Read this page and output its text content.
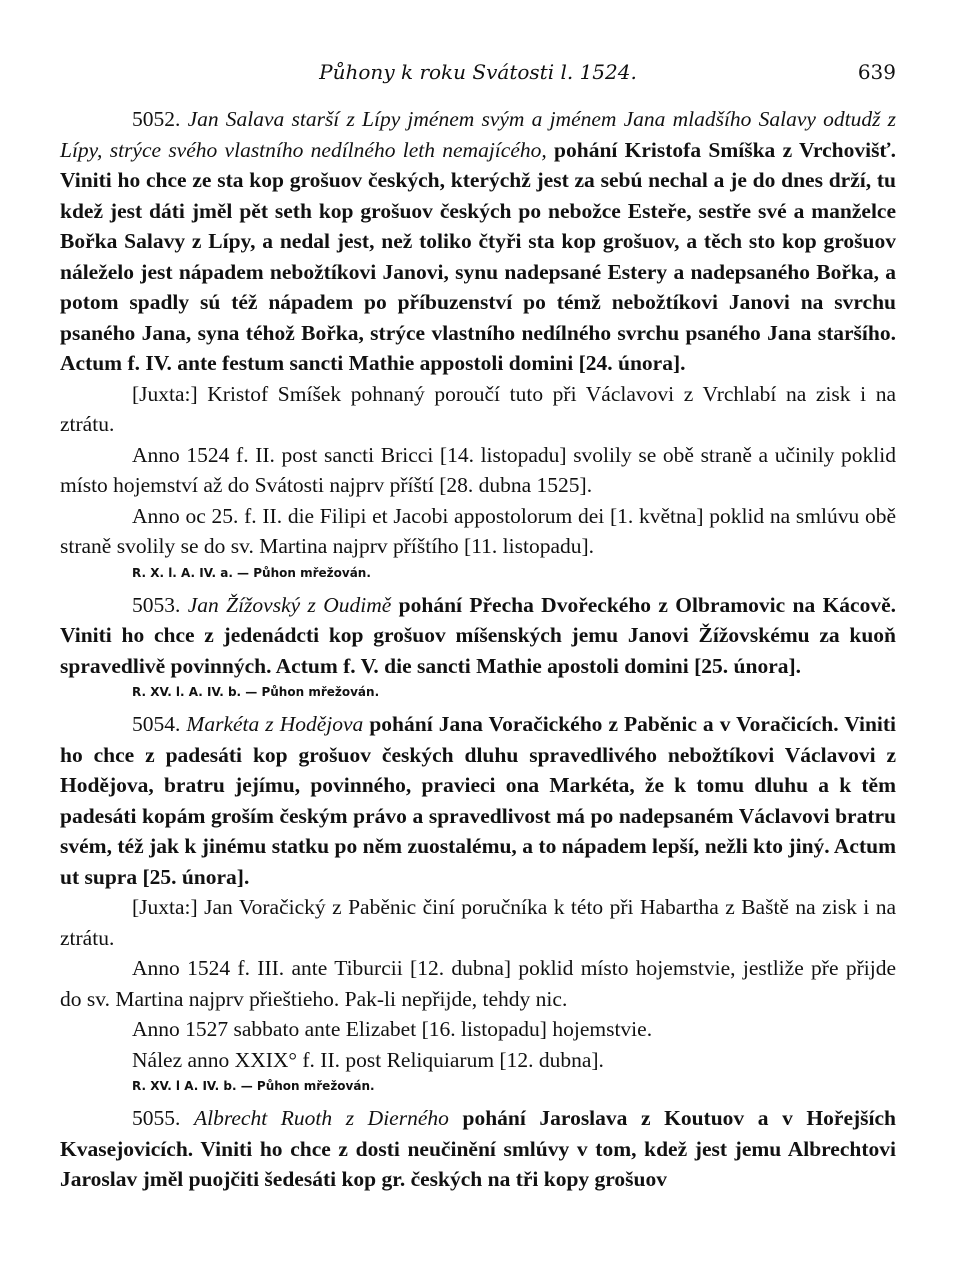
Půhony k roku Svátosti l. 1524.	639

5052. Jan Salava starší z Lípy jménem svým a jménem Jana mladšího Salavy odtudž z Lípy, strýce svého vlastního nedílného leth nemajícého, pohání Kristofa Smíška z Vrchovišť. Viniti ho chce ze sta kop grošuov českých, kterýchž jest za sebú nechal a je do dnes drží, tu kdež jest dáti jměl pět seth kop grošuov českých po nebožce Esteře, sestře své a manželce Bořka Salavy z Lípy, a nedal jest, než toliko čtyři sta kop grošuov, a těch sto kop grošuov náleželo jest nápadem nebožtíkovi Janovi, synu nadepsané Estery a nadepsaného Bořka, a potom spadly sú též nápadem po příbuzenství po témž nebožtíkovi Janovi na svrchu psaného Jana, syna téhož Bořka, strýce vlastního nedílného svrchu psaného Jana staršího. Actum f. IV. ante festum sancti Mathie appostoli domini [24. února].

[Juxta:] Kristof Smíšek pohnaný poroučí tuto při Václavovi z Vrchlabí na zisk i na ztrátu.

Anno 1524 f. II. post sancti Bricci [14. listopadu] svolily se obě straně a učinily poklid místo hojemství až do Svátosti najprv příští [28. dubna 1525].

Anno oc 25. f. II. die Filipi et Jacobi appostolorum dei [1. května] poklid na smlúvu obě straně svolily se do sv. Martina najprv příštího [11. listopadu].

R. X. l. A. IV. a. — Půhon mřežován.

5053. Jan Žížovský z Oudimě pohání Přecha Dvořeckého z Olbramovic na Kácově. Viniti ho chce z jedenádcti kop grošuov míšenských jemu Janovi Žížovskému za kuoň spravedlivě povinných. Actum f. V. die sancti Mathie apostoli domini [25. února].

R. XV. l. A. IV. b. — Půhon mřežován.

5054. Markéta z Hodějova pohání Jana Voračického z Paběnic a v Voračicích. Viniti ho chce z padesáti kop grošuov českých dluhu spravedlivého nebožtíkovi Václavovi z Hodějova, bratru jejímu, povinného, pravieci ona Markéta, že k tomu dluhu a k těm padesáti kopám groším českým právo a spravedlivost má po nadepsaném Václavovi bratru svém, též jak k jinému statku po něm zuostalému, a to nápadem lepší, nežli kto jiný. Actum ut supra [25. února].

[Juxta:] Jan Voračický z Paběnic činí poručníka k této při Habartha z Baště na zisk i na ztrátu.

Anno 1524 f. III. ante Tiburcii [12. dubna] poklid místo hojemstvie, jestliže pře přijde do sv. Martina najprv přieštieho. Pak-li nepřijde, tehdy nic.

Anno 1527 sabbato ante Elizabet [16. listopadu] hojemstvie.

Nález anno XXIX° f. II. post Reliquiarum [12. dubna].

R. XV. l A. IV. b. — Půhon mřežován.

5055. Albrecht Ruoth z Dierného pohání Jaroslava z Koutuov a v Hořejších Kvasejovicích. Viniti ho chce z dosti neučinění smlúvy v tom, kdež jest jemu Albrechtovi Jaroslav jměl puojčiti šedesáti kop gr. českých na tři kopy grošuov
